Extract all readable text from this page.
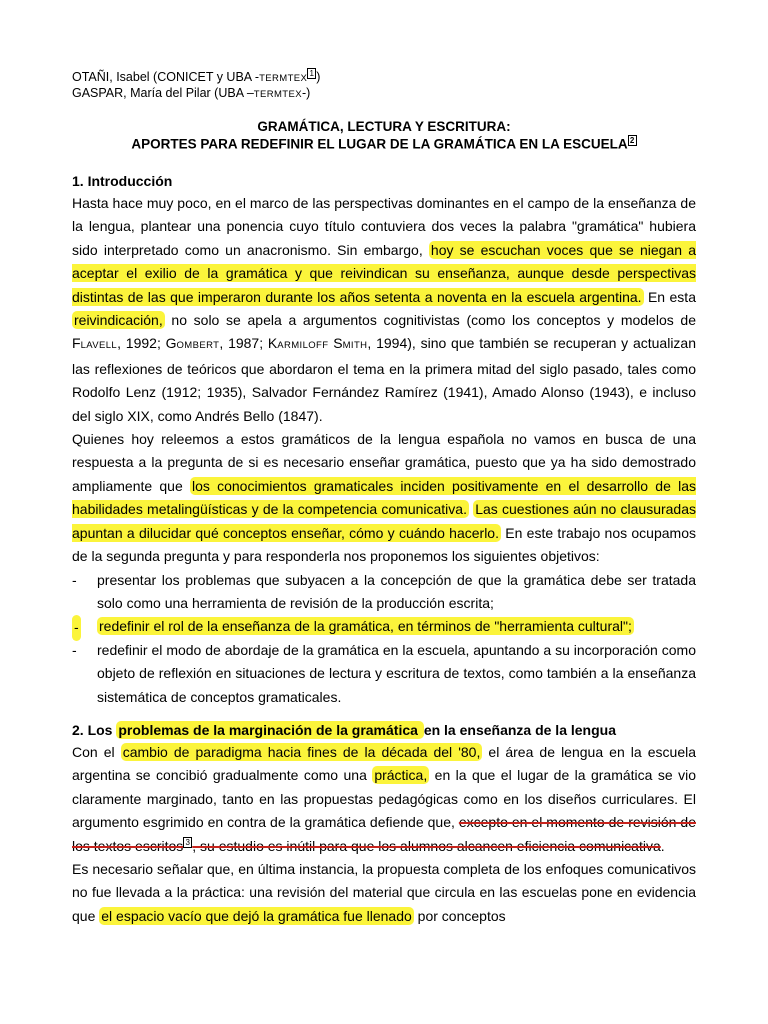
OTAÑI, Isabel (CONICET y UBA -TERMTEX 1 )
GASPAR, María del Pilar (UBA –TERMTEX-)
GRAMÁTICA, LECTURA Y ESCRITURA:
APORTES PARA REDEFINIR EL LUGAR DE LA GRAMÁTICA EN LA ESCUELA 2
1. Introducción

Hasta hace muy poco, en el marco de las perspectivas dominantes en el campo de la enseñanza de la lengua, plantear una ponencia cuyo título contuviera dos veces la palabra "gramática" hubiera sido interpretado como un anacronismo. Sin embargo, hoy se escuchan voces que se niegan a aceptar el exilio de la gramática y que reivindican su enseñanza, aunque desde perspectivas distintas de las que imperaron durante los años setenta a noventa en la escuela argentina. En esta reivindicación, no solo se apela a argumentos cognitivistas (como los conceptos y modelos de FLAVELL, 1992; GOMBERT, 1987; KARMILOFF SMITH, 1994), sino que también se recuperan y actualizan las reflexiones de teóricos que abordaron el tema en la primera mitad del siglo pasado, tales como Rodolfo Lenz (1912; 1935), Salvador Fernández Ramírez (1941), Amado Alonso (1943), e incluso del siglo XIX, como Andrés Bello (1847).

Quienes hoy releemos a estos gramáticos de la lengua española no vamos en busca de una respuesta a la pregunta de si es necesario enseñar gramática, puesto que ya ha sido demostrado ampliamente que los conocimientos gramaticales inciden positivamente en el desarrollo de las habilidades metalingüísticas y de la competencia comunicativa. Las cuestiones aún no clausuradas apuntan a dilucidar qué conceptos enseñar, cómo y cuándo hacerlo. En este trabajo nos ocupamos de la segunda pregunta y para responderla nos proponemos los siguientes objetivos:

- presentar los problemas que subyacen a la concepción de que la gramática debe ser tratada solo como una herramienta de revisión de la producción escrita;
- redefinir el rol de la enseñanza de la gramática, en términos de "herramienta cultural";
- redefinir el modo de abordaje de la gramática en la escuela, apuntando a su incorporación como objeto de reflexión en situaciones de lectura y escritura de textos, como también a la enseñanza sistemática de conceptos gramaticales.
2. Los problemas de la marginación de la gramática en la enseñanza de la lengua

Con el cambio de paradigma hacia fines de la década del '80, el área de lengua en la escuela argentina se concibió gradualmente como una práctica, en la que el lugar de la gramática se vio claramente marginado, tanto en las propuestas pedagógicas como en los diseños curriculares. El argumento esgrimido en contra de la gramática defiende que, excepto en el momento de revisión de los textos escritos 3 , su estudio es inútil para que los alumnos alcancen eficiencia comunicativa.

Es necesario señalar que, en última instancia, la propuesta completa de los enfoques comunicativos no fue llevada a la práctica: una revisión del material que circula en las escuelas pone en evidencia que el espacio vacío que dejó la gramática fue llenado por conceptos
